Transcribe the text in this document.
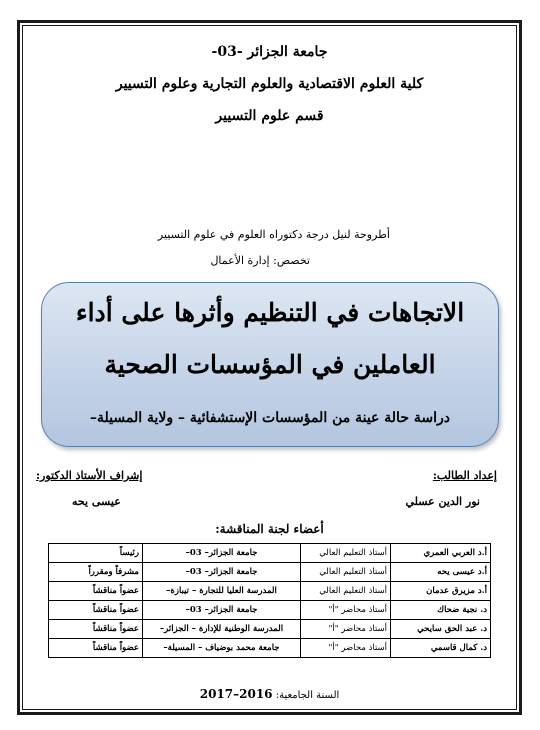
جامعة الجزائر -03-
كلية العلوم الاقتصادية والعلوم التجارية وعلوم التسيير
قسم علوم التسيير
أطروحة لنيل درجة دكتوراه العلوم في علوم التسيير
تخصص: إدارة الأعمال
الاتجاهات في التنظيم وأثرها على أداء
العاملين في المؤسسات الصحية
دراسة حالة عينة من المؤسسات الإستشفائية – ولاية المسيلة–
إعداد الطالب:
إشراف الأستاذ الدكتور:
نور الدين عسلي
عيسى يحه
أعضاء لجنة المناقشة:
أ.د العربي العمري	أستاذ التعليم العالي	جامعة الجزائر– 03–	رئيساً
أ.د عيسى يحه	أستاذ التعليم العالي	جامعة الجزائر– 03–	مشرفاً ومقرراً
أ.د مزيرق عدمان	أستاذ التعليم العالي	المدرسة العليا للتجارة – تيبازة–	عضواً مناقشاً
د. نجية ضحاك	أستاذ محاضر "أ"	جامعة الجزائر– 03–	عضواً مناقشاً
د. عبد الحق سايحي	أستاذ محاضر "أ"	المدرسة الوطنية للإدارة – الجزائر–	عضواً مناقشاً
د. كمال قاسمي	أستاذ محاضر "أ"	جامعة محمد بوضياف – المسيلة–	عضواً مناقشاً
السنة الجامعية: 2016–2017
